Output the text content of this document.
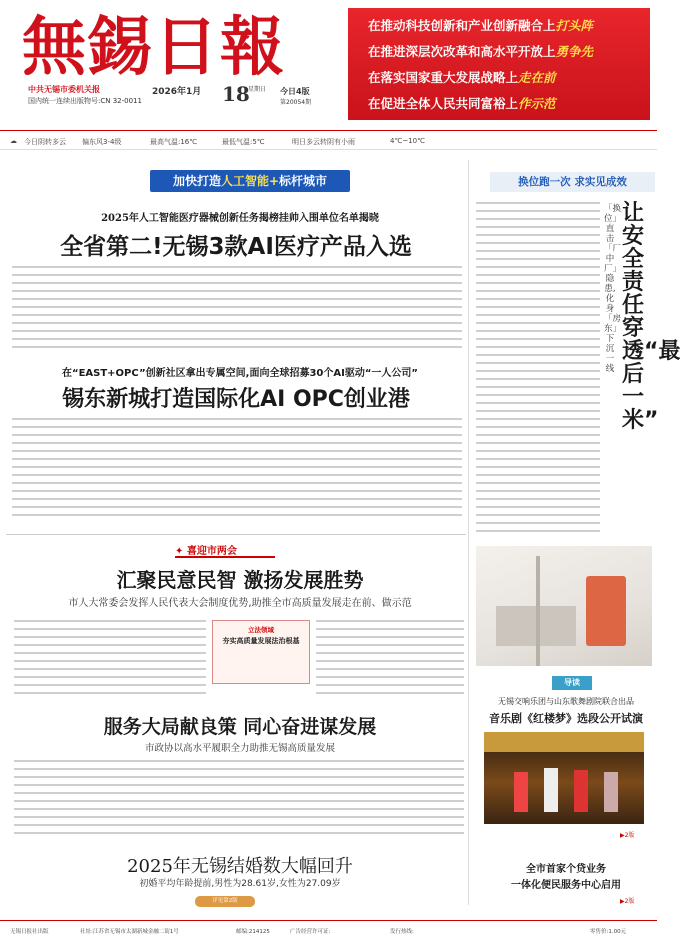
無錫日報
中共无锡市委机关报
国内统一连续出版物号:CN 32-0011
2026年1月 18
星期日 今日4版
第20054期
在推动科技创新和产业创新融合上打头阵
在推进深层次改革和高水平开放上勇争先
在落实国家重大发展战略上走在前
在促进全体人民共同富裕上作示范
☁ 今日阴转多云 偏东风3-4级	最高气温:16℃	最低气温:5℃	明日多云转阴有小雨	4℃~10℃
加快打造人工智能+标杆城市
2025年人工智能医疗器械创新任务揭榜挂帅入围单位名单揭晓
全省第二!无锡3款AI医疗产品入选
在“EAST+OPC”创新社区拿出专属空间,面向全球招募30个AI驱动“一人公司”
锡东新城打造国际化AI OPC创业港
✦ 喜迎市两会
汇聚民意民智 激扬发展胜势
市人大常委会发挥人民代表大会制度优势,助推全市高质量发展走在前、做示范
立法领域
夯实高质量发展法治根基
服务大局献良策 同心奋进谋发展
市政协以高水平履职全力助推无锡高质量发展
2025年无锡结婚数大幅回升
初婚平均年龄提前,男性为28.61岁,女性为27.09岁
详见第2版
换位跑一次 求实见成效
让安全责任穿透“最后一米”
「换位」直击「厂中厂」隐患,化身「房东」下沉一线
导读
无锡交响乐团与山东歌舞剧院联合出品
音乐剧《红楼梦》选段公开试演
▶2版
全市首家个贷业务
一体化便民服务中心启用
▶2版
无锡日报社出版	社址:江苏省无锡市太湖新城金融二街1号	邮编:214125	广告经营许可证:	发行热线:	零售价:1.00元
